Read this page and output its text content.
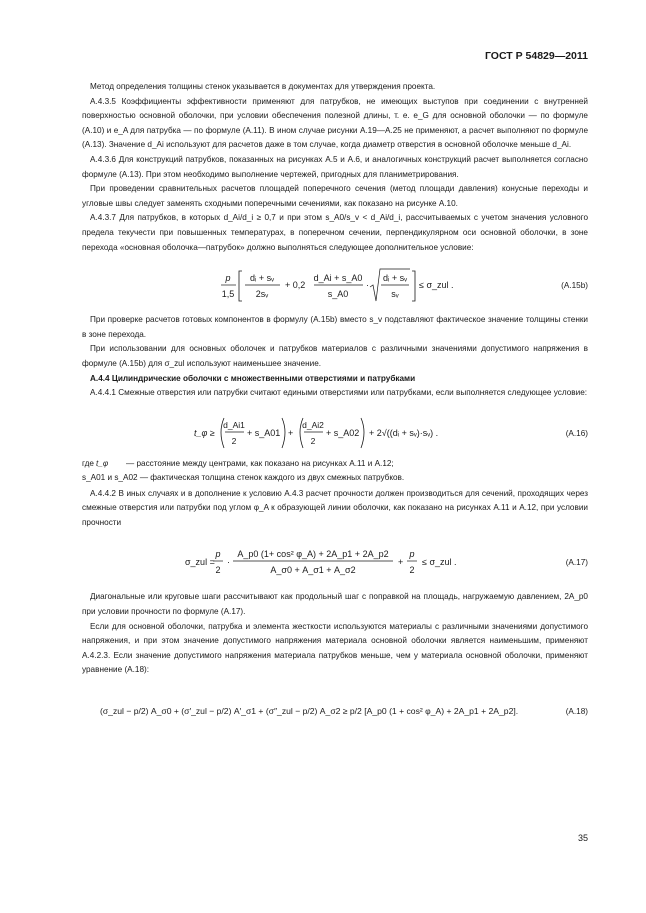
ГОСТ Р 54829—2011

Метод определения толщины стенок указывается в документах для утверждения проекта.

А.4.3.5 Коэффициенты эффективности применяют для патрубков, не имеющих выступов при соединении с внутренней поверхностью основной оболочки, при условии обеспечения полезной длины, т. е. e_G для основной оболочки — по формуле (А.10) и e_A для патрубка — по формуле (А.11). В ином случае рисунки А.19—А.25 не применяют, а расчет выполняют по формуле (А.13). Значение d_Ai используют для расчетов даже в том случае, когда диаметр отверстия в основной оболочке меньше d_Ai.

А.4.3.6 Для конструкций патрубков, показанных на рисунках А.5 и А.6, и аналогичных конструкций расчет выполняется согласно формуле (А.13). При этом необходимо выполнение чертежей, пригодных для планиметрирования.

При проведении сравнительных расчетов площадей поперечного сечения (метод площади давления) конусные переходы и угловые швы следует заменять сходными поперечными сечениями, как показано на рисунке А.10.

А.4.3.7 Для патрубков, в которых d_Ai/d_i ≥ 0,7 и при этом s_A0/s_v < d_Ai/d_i, рассчитываемых с учетом значения условного предела текучести при повышенных температурах, в поперечном сечении, перпендикулярном оси основной оболочки, в зоне перехода «основная оболочка—патрубок» должно выполняться следующее дополнительное условие:

p
1,5
dᵢ + sᵥ
2sᵥ
+ 0,2
d_Ai + s_A0
s_A0
·
dᵢ + sᵥ
sᵥ
≤ σ_zul .	(А.15b)

При проверке расчетов готовых компонентов в формулу (А.15b) вместо s_v подставляют фактическое значение толщины стенки в зоне перехода.

При использовании для основных оболочек и патрубков материалов с различными значениями допустимого напряжения в формуле (А.15b) для σ_zul используют наименьшее значение.

А.4.4 Цилиндрические оболочки с множественными отверстиями и патрубками

А.4.4.1 Смежные отверстия или патрубки считают едиными отверстиями или патрубками, если выполняется следующее условие:

t_φ ≥
d_Ai1
2
+ s_A01 +
d_Ai2
2
+ s_A02 + 2√((dᵢ + sᵥ)·sᵥ) .	(А.16)
где t_φ — расстояние между центрами, как показано на рисунках А.11 и А.12;
s_A01 и s_A02 — фактическая толщина стенок каждого из двух смежных патрубков.

А.4.4.2 В иных случаях и в дополнение к условию А.4.3 расчет прочности должен производиться для сечений, проходящих через смежные отверстия или патрубки под углом φ_A к образующей линии оболочки, как показано на рисунках А.11 и А.12, при условии прочности

σ_zul =
p
2
·
A_p0 (1+ cos² φ_A) + 2A_p1 + 2A_p2
A_σ0 + A_σ1 + A_σ2
+
p
2
≤ σ_zul .	(А.17)

Диагональные или круговые шаги рассчитывают как продольный шаг с поправкой на площадь, нагружаемую давлением, 2A_p0 при условии прочности по формуле (А.17).

Если для основной оболочки, патрубка и элемента жесткости используются материалы с различными значениями допустимого напряжения, и при этом значение допустимого напряжения материала основной оболочки является наименьшим, применяют А.4.2.3. Если значение допустимого напряжения материала патрубков меньше, чем у материала основной оболочки, применяют уравнение (А.18):

(σ_zul − p/2) A_σ0 + (σ′_zul − p/2) A′_σ1 + (σ″_zul − p/2) A_σ2 ≥ p/2 [A_p0 (1 + cos² φ_A) + 2A_p1 + 2A_p2].	(А.18)
35
